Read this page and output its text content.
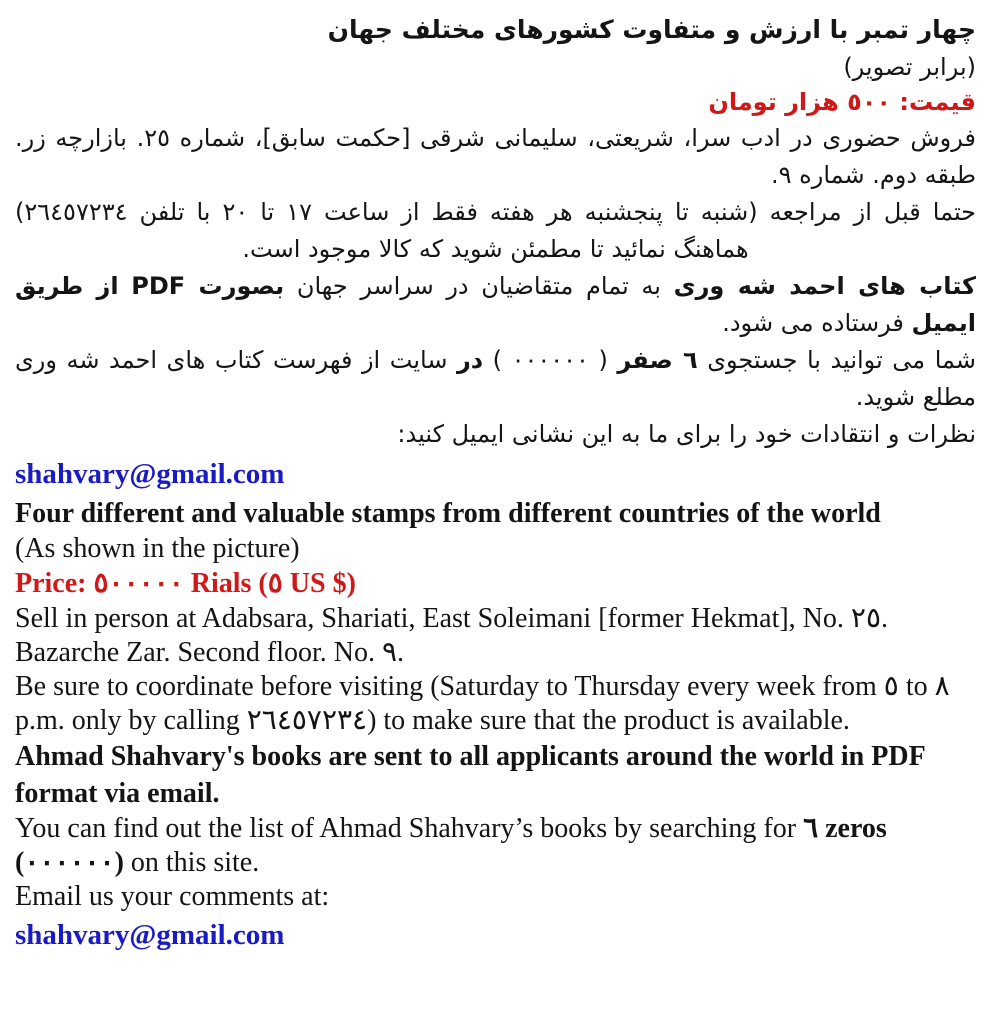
چهار تمبر با ارزش و متفاوت کشورهای مختلف جهان
(برابر تصویر)
قیمت: ٥٠٠ هزار تومان
فروش حضوری در ادب سرا، شریعتی، سلیمانی شرقی [حکمت سابق]، شماره ٢٥. بازارچه زر. طبقه دوم. شماره ٩.
حتما قبل از مراجعه (شنبه تا پنجشنبه هر هفته فقط از ساعت ١٧ تا ٢٠ با تلفن ٢٦٤٥٧٢٣٤) هماهنگ نمائید تا مطمئن شوید که کالا موجود است.
کتاب های احمد شه وری به تمام متقاضیان در سراسر جهان بصورت PDF از طریق ایمیل فرستاده می شود.
شما می توانید با جستجوی ٦ صفر ( ٠٠٠٠٠٠ ) در سایت از فهرست کتاب های احمد شه وری مطلع شوید.
نظرات و انتقادات خود را برای ما به این نشانی ایمیل کنید:
shahvary@gmail.com
Four different and valuable stamps from different countries of the world
(As shown in the picture)
Price: ٥٠٠٠٠٠ Rials (٥ US $)
Sell in person at Adabsara, Shariati, East Soleimani [former Hekmat], No. ٢٥. Bazarche Zar. Second floor. No. ٩.
Be sure to coordinate before visiting (Saturday to Thursday every week from ٥ to ٨ p.m. only by calling ٢٦٤٥٧٢٣٤) to make sure that the product is available.
Ahmad Shahvary's books are sent to all applicants around the world in PDF format via email.
You can find out the list of Ahmad Shahvary’s books by searching for ٦ zeros (٠٠٠٠٠٠) on this site.
Email us your comments at:
shahvary@gmail.com
